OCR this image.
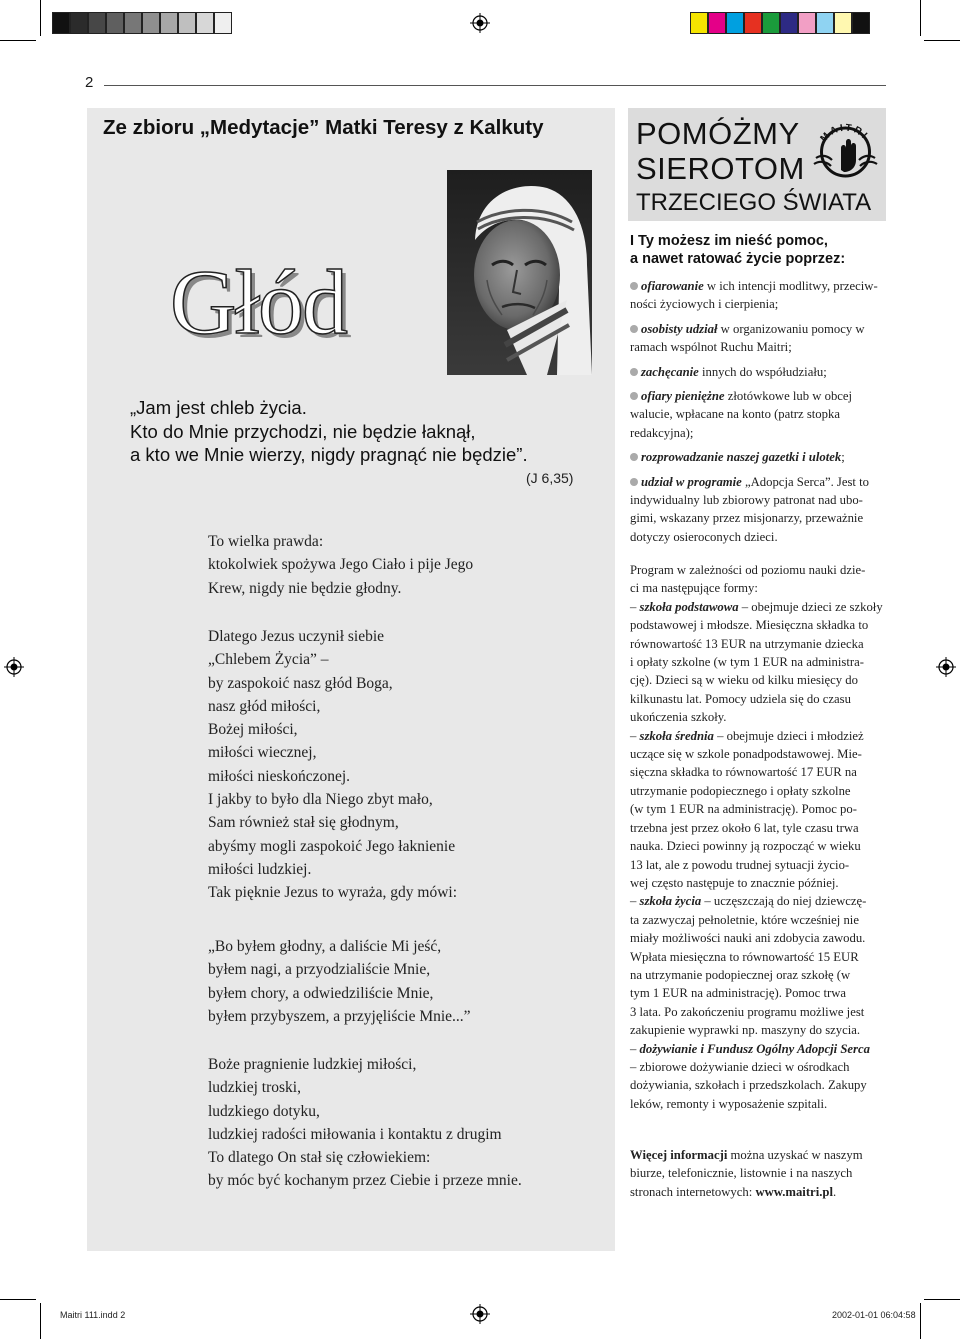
2
Ze zbioru „Medytacje” Matki Teresy z Kalkuty
Głód
„Jam jest chleb życia.
Kto do Mnie przychodzi, nie będzie łaknął,
a kto we Mnie wierzy, nigdy pragnąć nie będzie”.
(J 6,35)
To wielka prawda:
ktokolwiek spożywa Jego Ciało i pije Jego
Krew, nigdy nie będzie głodny.
Dlatego Jezus uczynił siebie
„Chlebem Życia” –
by zaspokoić nasz głód Boga,
nasz głód miłości,
Bożej miłości,
miłości wiecznej,
miłości nieskończonej.
I jakby to było dla Niego zbyt mało,
Sam również stał się głodnym,
abyśmy mogli zaspokoić Jego łaknienie
miłości ludzkiej.
Tak pięknie Jezus to wyraża, gdy mówi:
„Bo byłem głodny, a daliście Mi jeść,
byłem nagi, a przyodzialiście Mnie,
byłem chory, a odwiedziliście Mnie,
byłem przybyszem, a przyjęliście Mnie...”
Boże pragnienie ludzkiej miłości,
ludzkiej troski,
ludzkiego dotyku,
ludzkiej radości miłowania i kontaktu z drugim
To dlatego On stał się człowiekiem:
by móc być kochanym przez Ciebie i przeze mnie.
POMÓŻMY
SIEROTOM
TRZECIEGO ŚWIATA
MAITRI
I Ty możesz im nieść pomoc,
a nawet ratować życie poprzez:
ofiarowanie w ich intencji modlitwy, przeciw-
ności życiowych i cierpienia;
osobisty udział w organizowaniu pomocy w
ramach wspólnot Ruchu Maitri;
zachęcanie innych do współudziału;
ofiary pieniężne złotówkowe lub w obcej
walucie, wpłacane na konto (patrz stopka
redakcyjna);
rozprowadzanie naszej gazetki i ulotek;
udział w programie „Adopcja Serca”. Jest to
indywidualny lub zbiorowy patronat nad ubo-
gimi, wskazany przez misjonarzy, przeważnie
dotyczy osieroconych dzieci.
Program w zależności od poziomu nauki dzie-
ci ma następujące formy:
– szkoła podstawowa – obejmuje dzieci ze szkoły
podstawowej i młodsze. Miesięczna składka to
równowartość 13 EUR na utrzymanie dziecka
i opłaty szkolne (w tym 1 EUR na administra-
cję). Dzieci są w wieku od kilku miesięcy do
kilkunastu lat. Pomocy udziela się do czasu
ukończenia szkoły.
– szkoła średnia – obejmuje dzieci i młodzież
uczące się w szkole ponadpodstawowej. Mie-
sięczna składka to równowartość 17 EUR na
utrzymanie podopiecznego i opłaty szkolne
(w tym 1 EUR na administrację). Pomoc po-
trzebna jest przez około 6 lat, tyle czasu trwa
nauka. Dzieci powinny ją rozpocząć w wieku
13 lat, ale z powodu trudnej sytuacji życio-
wej często następuje to znacznie później.
– szkoła życia – uczęszczają do niej dziewczę-
ta zazwyczaj pełnoletnie, które wcześniej nie
miały możliwości nauki ani zdobycia zawodu.
Wpłata miesięczna to równowartość 15 EUR
na utrzymanie podopiecznej oraz szkołę (w
tym 1 EUR na administrację). Pomoc trwa
3 lata. Po zakończeniu programu możliwe jest
zakupienie wyprawki np. maszyny do szycia.
– dożywianie i Fundusz Ogólny Adopcji Serca
– zbiorowe dożywianie dzieci w ośrodkach
dożywiania, szkołach i przedszkolach. Zakupy
leków, remonty i wyposażenie szpitali.
Więcej informacji można uzyskać w naszym
biurze, telefonicznie, listownie i na naszych
stronach internetowych: www.maitri.pl.
Maitri 111.indd 2	2002-01-01 06:04:58
